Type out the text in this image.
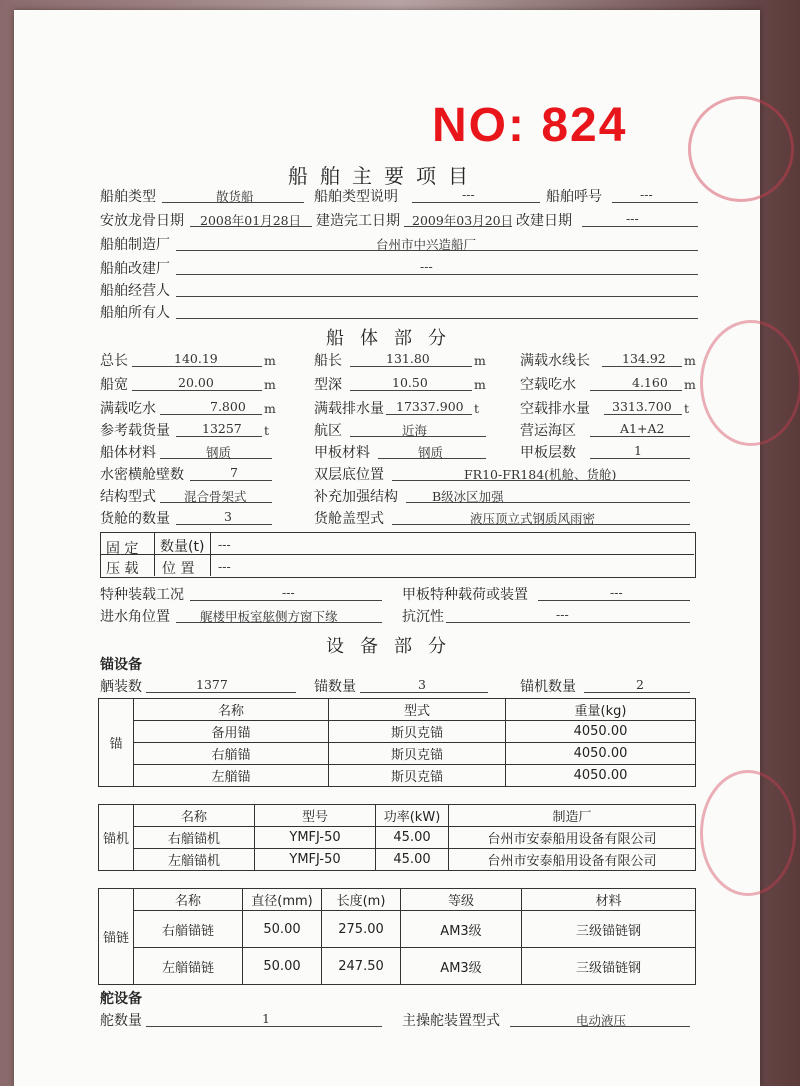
NO: 824
船舶主要项目
船舶类型	散货船	船舶类型说明	---	船舶呼号	---
安放龙骨日期 2008年01月28日 建造完工日期 2009年03月20日 改建日期	---
船舶制造厂	台州市中兴造船厂
船舶改建厂	---
船舶经营人
船舶所有人
船体部分
总长	140.19	m	船长	131.80	m 满载水线长	134.92 m
船宽	20.00	m	型深	10.50	m 空载吃水	4.160 m
满载吃水	7.800 m	满载排水量 17337.900 t	空载排水量 3313.700 t
参考载货量	13257 t	航区	近海	营运海区	A1+A2
船体材料	钢质	甲板材料	钢质	甲板层数	1
水密横舱壁数	7	双层底位置	FR10-FR184(机舱、货舱)
结构型式 混合骨架式	补充加强结构	B级冰区加强
货舱的数量	3	货舱盖型式	液压顶立式钢质风雨密
固 定
压 载
数量(t) ---
位 置 ---
特种装载工况	---	甲板特种载荷或装置	---
进水角位置 艉楼甲板室舷侧方窗下缘	抗沉性	---
设备部分
锚设备
舾装数	1377	锚数量	3	锚机数量	2
锚	名称	型式	重量(kg)
	备用锚	斯贝克锚	4050.00
	右艏锚	斯贝克锚	4050.00
	左艏锚	斯贝克锚	4050.00
锚机	名称	型号	功率(kW)	制造厂
	右艏锚机	YMFJ-50	45.00	台州市安泰船用设备有限公司
	左艏锚机	YMFJ-50	45.00	台州市安泰船用设备有限公司
锚链	名称	直径(mm)	长度(m)	等级	材料
	右艏锚链	50.00	275.00	AM3级	三级锚链钢
	左艏锚链	50.00	247.50	AM3级	三级锚链钢
舵设备
舵数量	1	主操舵装置型式	电动液压
